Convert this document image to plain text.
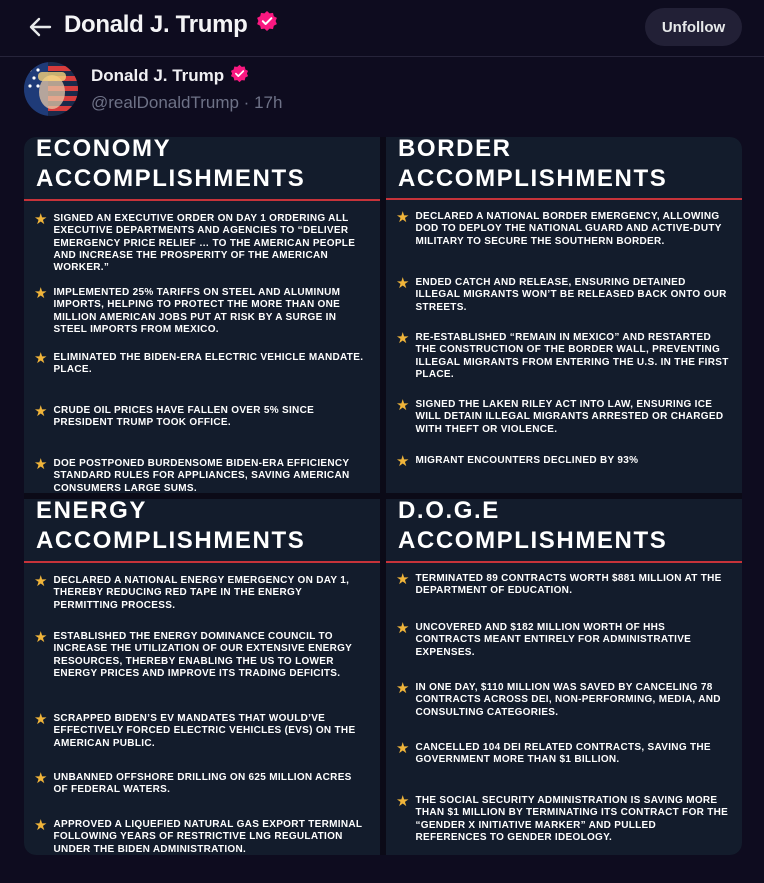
Donald J. Trump	Unfollow
Donald J. Trump
@realDonaldTrump · 17h
ECONOMY ACCOMPLISHMENTS
★ SIGNED AN EXECUTIVE ORDER ON DAY 1 ORDERING ALL EXECUTIVE DEPARTMENTS AND AGENCIES TO “DELIVER EMERGENCY PRICE RELIEF … TO THE AMERICAN PEOPLE AND INCREASE THE PROSPERITY OF THE AMERICAN WORKER.”
★ IMPLEMENTED 25% TARIFFS ON STEEL AND ALUMINUM IMPORTS, HELPING TO PROTECT THE MORE THAN ONE MILLION AMERICAN JOBS PUT AT RISK BY A SURGE IN STEEL IMPORTS FROM MEXICO.
★ ELIMINATED THE BIDEN-ERA ELECTRIC VEHICLE MANDATE. PLACE.
★ CRUDE OIL PRICES HAVE FALLEN OVER 5% SINCE PRESIDENT TRUMP TOOK OFFICE.
★ DOE POSTPONED BURDENSOME BIDEN-ERA EFFICIENCY STANDARD RULES FOR APPLIANCES, SAVING AMERICAN CONSUMERS LARGE SUMS.
BORDER ACCOMPLISHMENTS
★ DECLARED A NATIONAL BORDER EMERGENCY, ALLOWING DOD TO DEPLOY THE NATIONAL GUARD AND ACTIVE-DUTY MILITARY TO SECURE THE SOUTHERN BORDER.
★ ENDED CATCH AND RELEASE, ENSURING DETAINED ILLEGAL MIGRANTS WON’T BE RELEASED BACK ONTO OUR STREETS.
★ RE-ESTABLISHED “REMAIN IN MEXICO” AND RESTARTED THE CONSTRUCTION OF THE BORDER WALL, PREVENTING ILLEGAL MIGRANTS FROM ENTERING THE U.S. IN THE FIRST PLACE.
★ SIGNED THE LAKEN RILEY ACT INTO LAW, ENSURING ICE WILL DETAIN ILLEGAL MIGRANTS ARRESTED OR CHARGED WITH THEFT OR VIOLENCE.
★ MIGRANT ENCOUNTERS DECLINED BY 93%
ENERGY ACCOMPLISHMENTS
★ DECLARED A NATIONAL ENERGY EMERGENCY ON DAY 1, THEREBY REDUCING RED TAPE IN THE ENERGY PERMITTING PROCESS.
★ ESTABLISHED THE ENERGY DOMINANCE COUNCIL TO INCREASE THE UTILIZATION OF OUR EXTENSIVE ENERGY RESOURCES, THEREBY ENABLING THE US TO LOWER ENERGY PRICES AND IMPROVE ITS TRADING DEFICITS.
★ SCRAPPED BIDEN’S EV MANDATES THAT WOULD’VE EFFECTIVELY FORCED ELECTRIC VEHICLES (EVS) ON THE AMERICAN PUBLIC.
★ UNBANNED OFFSHORE DRILLING ON 625 MILLION ACRES OF FEDERAL WATERS.
★ APPROVED A LIQUEFIED NATURAL GAS EXPORT TERMINAL FOLLOWING YEARS OF RESTRICTIVE LNG REGULATION UNDER THE BIDEN ADMINISTRATION.
D.O.G.E ACCOMPLISHMENTS
★ TERMINATED 89 CONTRACTS WORTH $881 MILLION AT THE DEPARTMENT OF EDUCATION.
★ UNCOVERED AND $182 MILLION WORTH OF HHS CONTRACTS MEANT ENTIRELY FOR ADMINISTRATIVE EXPENSES.
★ IN ONE DAY, $110 MILLION WAS SAVED BY CANCELING 78 CONTRACTS ACROSS DEI, NON-PERFORMING, MEDIA, AND CONSULTING CATEGORIES.
★ CANCELLED 104 DEI RELATED CONTRACTS, SAVING THE GOVERNMENT MORE THAN $1 BILLION.
★ THE SOCIAL SECURITY ADMINISTRATION IS SAVING MORE THAN $1 MILLION BY TERMINATING ITS CONTRACT FOR THE “GENDER X INITIATIVE MARKER” AND PULLED REFERENCES TO GENDER IDEOLOGY.
